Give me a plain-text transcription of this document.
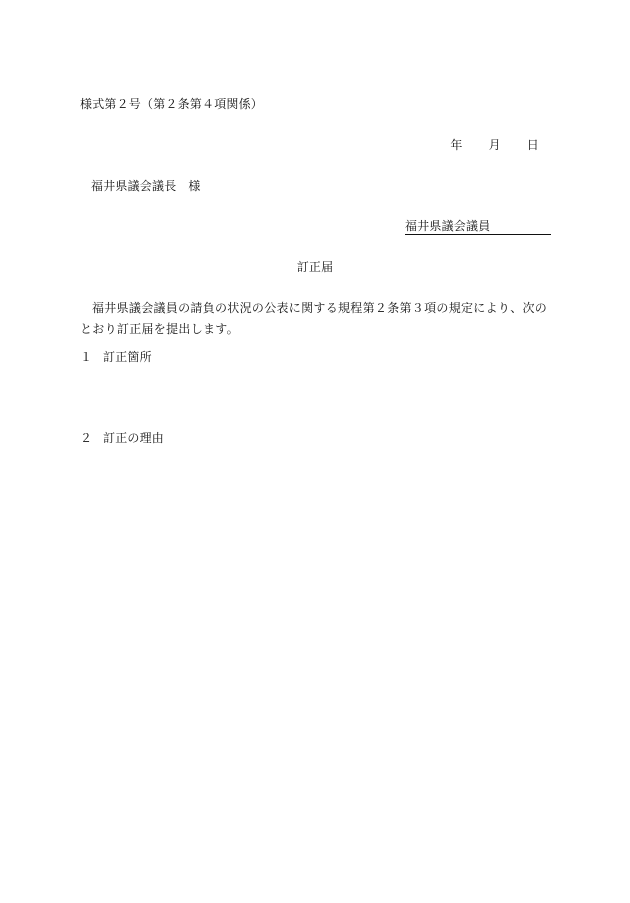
様式第２号（第２条第４項関係）
年 月 日
福井県議会議長 様
福井県議会議員
訂正届
福井県議会議員の請負の状況の公表に関する規程第２条第３項の規定により、次のとおり訂正届を提出します。
１ 訂正箇所
２ 訂正の理由
